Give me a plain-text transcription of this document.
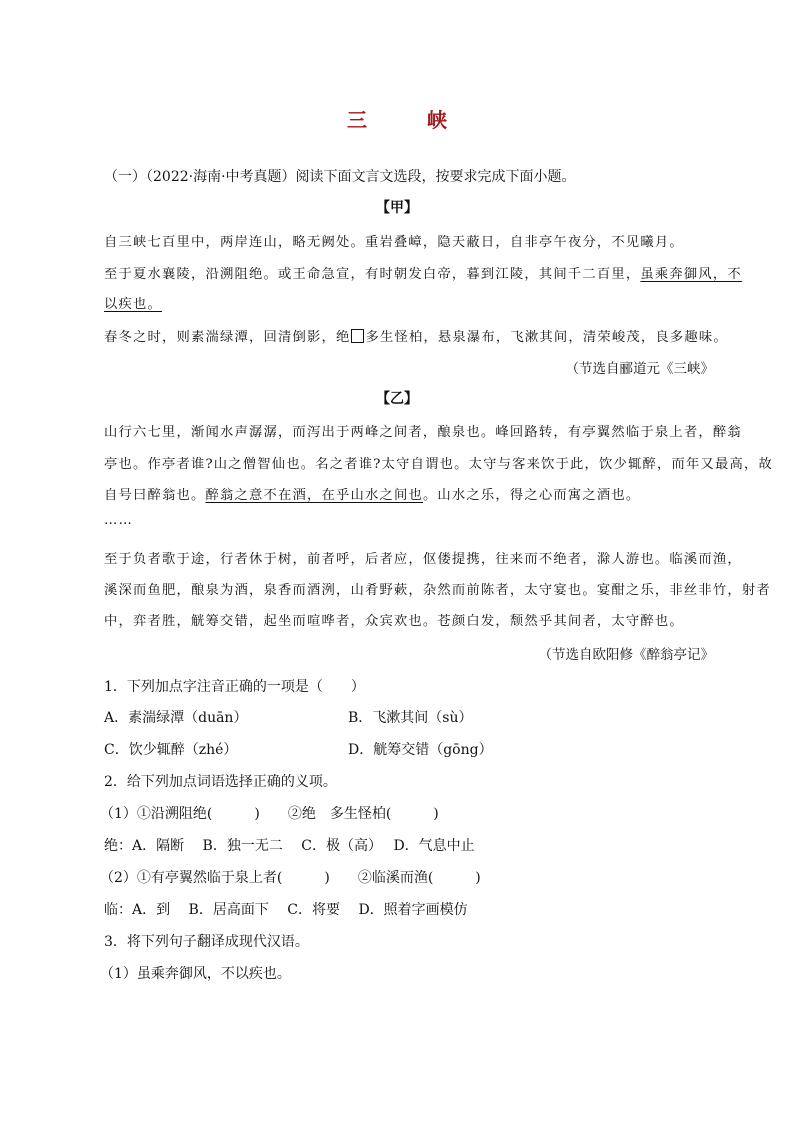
三　峡
（一）（2022·海南·中考真题）阅读下面文言文选段，按要求完成下面小题。
【甲】
自三峡七百里中，两岸连山，略无阙处。重岩叠嶂，隐天蔽日，自非亭午夜分，不见曦月。
至于夏水襄陵，沿溯阻绝。或王命急宣，有时朝发白帝，暮到江陵，其间千二百里，虽乘奔御风，不
以疾也。
春冬之时，则素湍绿潭，回清倒影，绝 多生怪柏，悬泉瀑布，飞漱其间，清荣峻茂，良多趣味。
（节选自郦道元《三峡》
【乙】
山行六七里，渐闻水声潺潺，而泻出于两峰之间者，酿泉也。峰回路转，有亭翼然临于泉上者，醉翁
亭也。作亭者谁?山之僧智仙也。名之者谁?太守自谓也。太守与客来饮于此，饮少辄醉，而年又最高，故
自号曰醉翁也。醉翁之意不在酒，在乎山水之间也。山水之乐，得之心而寓之酒也。
……
至于负者歌于途，行者休于树，前者呼，后者应，伛偻提携，往来而不绝者，滁人游也。临溪而渔，
溪深而鱼肥，酿泉为酒，泉香而酒洌，山肴野蔌，杂然而前陈者，太守宴也。宴酣之乐，非丝非竹，射者
中，弈者胜，觥筹交错，起坐而喧哗者，众宾欢也。苍颜白发，颓然乎其间者，太守醉也。
（节选自欧阳修《醉翁亭记》
1．下列加点字注音正确的一项是（　　）
A．素湍绿潭（duān）	B．飞漱其间（sù）
C．饮少辄醉（zhé）	D．觥筹交错（gōng）
2．给下列加点词语选择正确的义项。
（1）①沿溯阻绝(　　　)　　②绝　多生怪柏(　　　)
绝：A．隔断　 B．独一无二　 C．极（高）　 D．气息中止
（2）①有亭翼然临于泉上者(　　　)　　②临溪而渔(　　　)
临：A．到　 B．居高面下　 C．将要　 D．照着字画模仿
3．将下列句子翻译成现代汉语。
（1）虽乘奔御风，不以疾也。
